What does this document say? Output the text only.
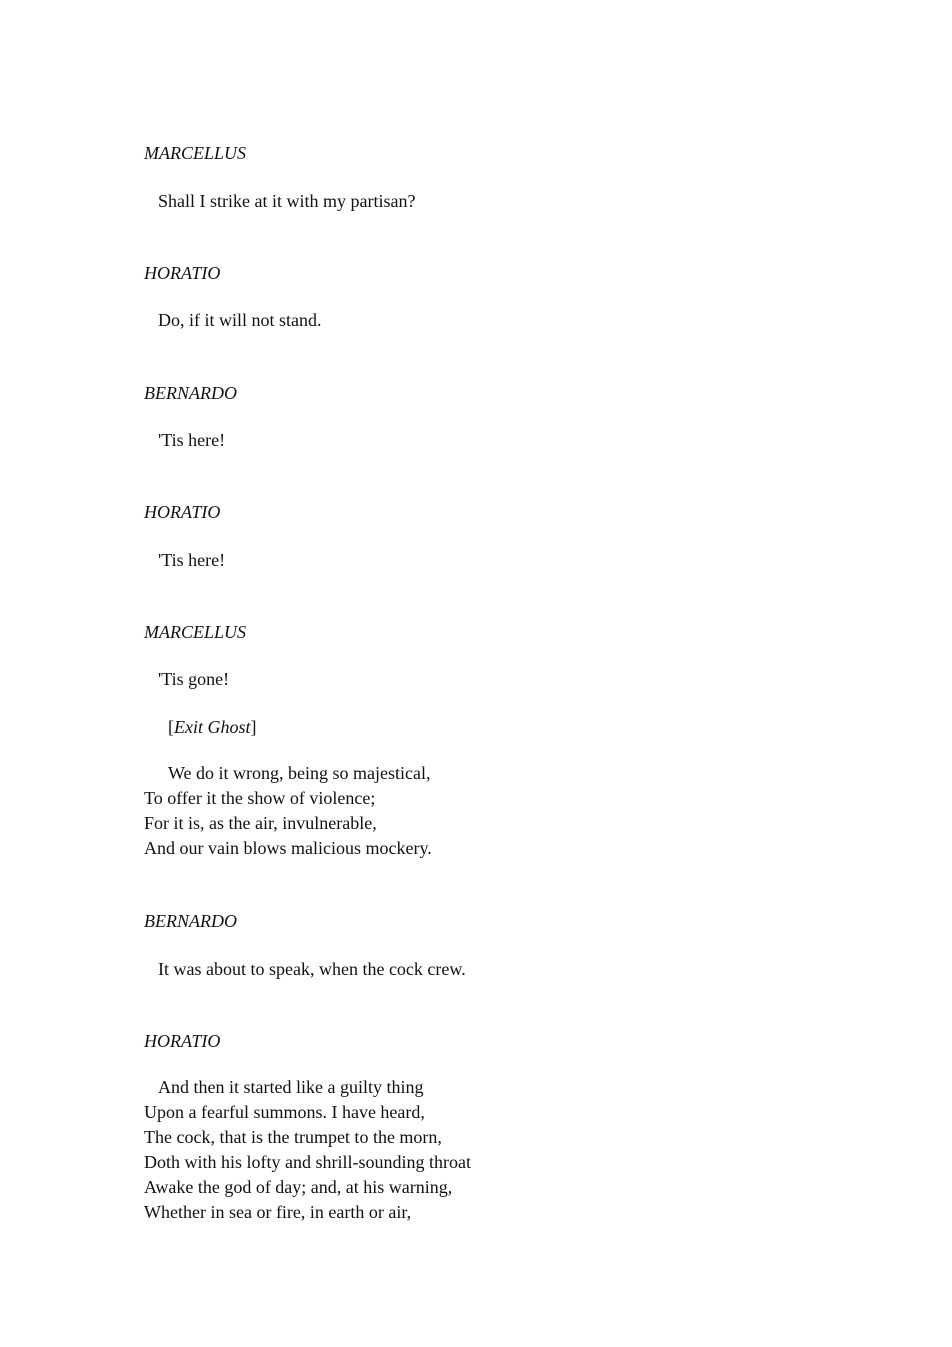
MARCELLUS
Shall I strike at it with my partisan?
HORATIO
Do, if it will not stand.
BERNARDO
'Tis here!
HORATIO
'Tis here!
MARCELLUS
'Tis gone!
[Exit Ghost]
We do it wrong, being so majestical,
To offer it the show of violence;
For it is, as the air, invulnerable,
And our vain blows malicious mockery.
BERNARDO
It was about to speak, when the cock crew.
HORATIO
And then it started like a guilty thing
Upon a fearful summons. I have heard,
The cock, that is the trumpet to the morn,
Doth with his lofty and shrill-sounding throat
Awake the god of day; and, at his warning,
Whether in sea or fire, in earth or air,
